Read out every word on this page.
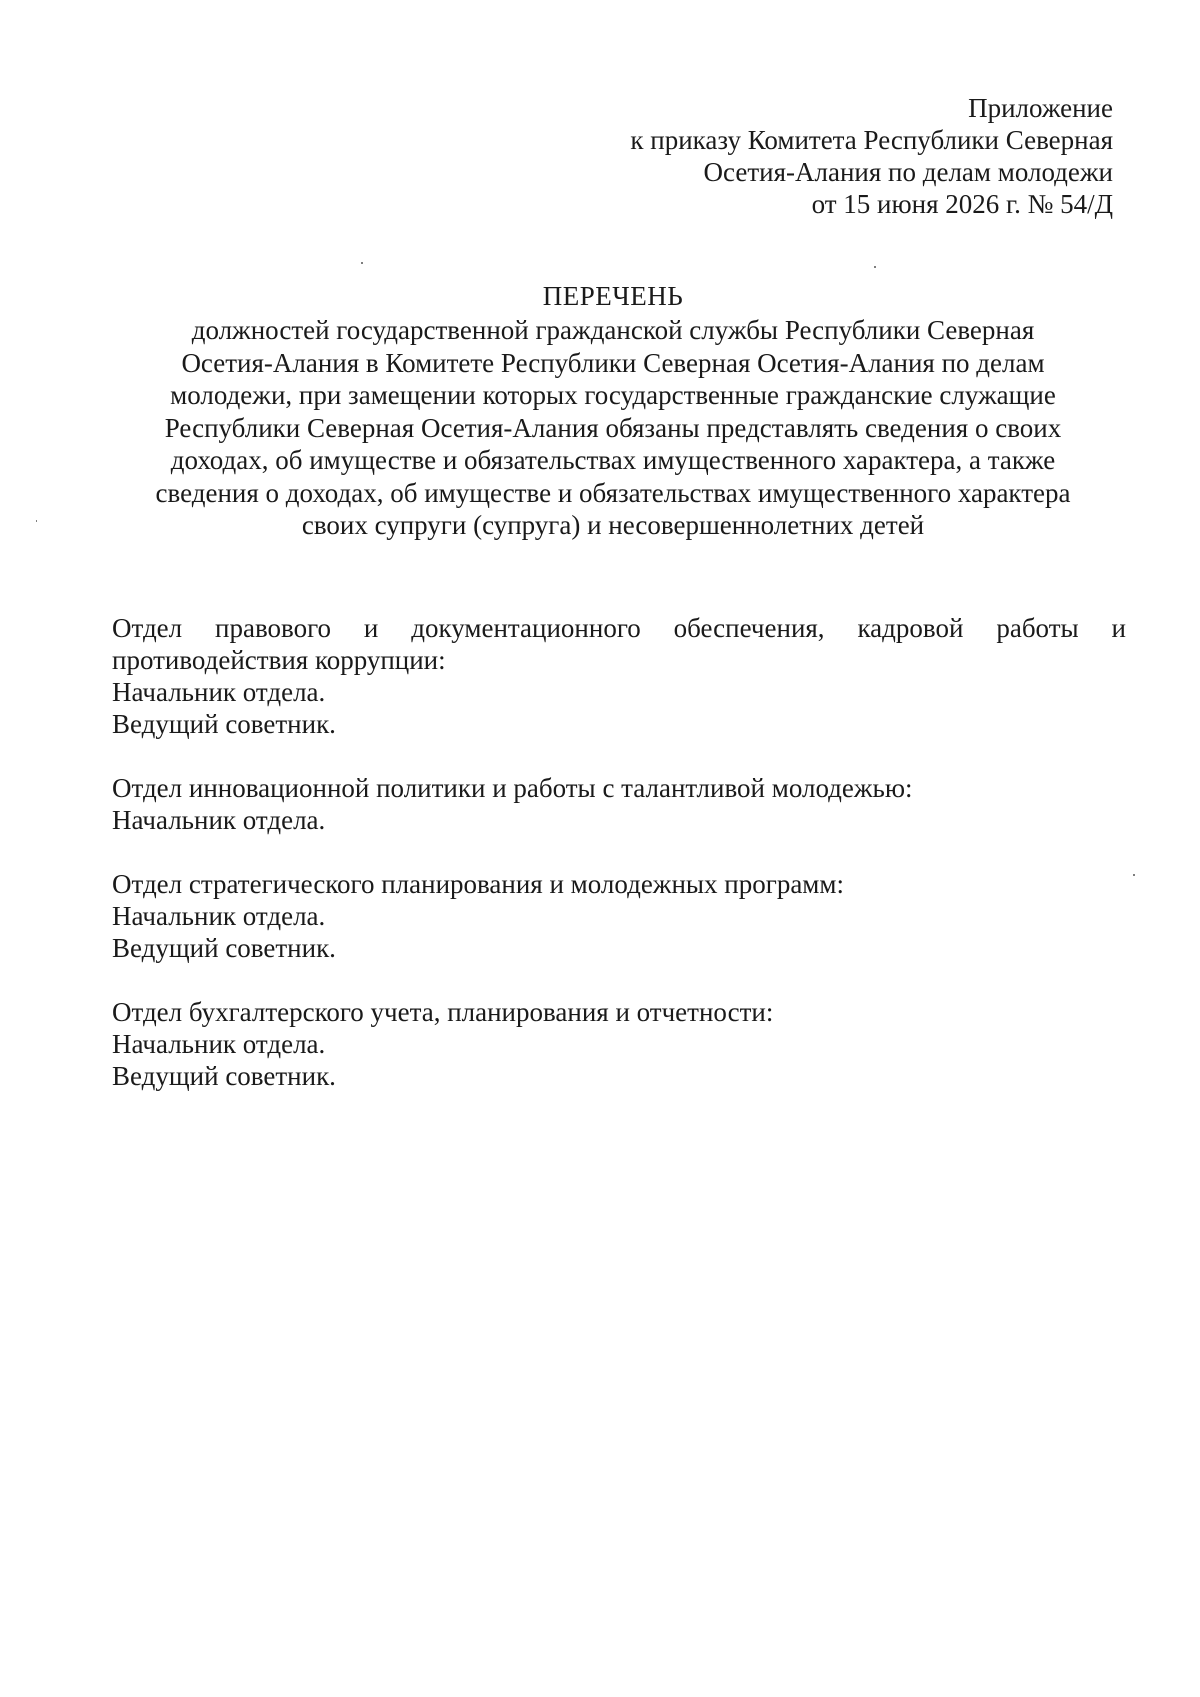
Приложение
к приказу Комитета Республики Северная
Осетия-Алания по делам молодежи
от 15 июня 2026 г. № 54/Д
ПЕРЕЧЕНЬ
должностей государственной гражданской службы Республики Северная
Осетия-Алания в Комитете Республики Северная Осетия-Алания по делам
молодежи, при замещении которых государственные гражданские служащие
Республики Северная Осетия-Алания обязаны представлять сведения о своих
доходах, об имуществе и обязательствах имущественного характера, а также
сведения о доходах, об имуществе и обязательствах имущественного характера
своих супруги (супруга) и несовершеннолетних детей
Отдел правового и документационного обеспечения, кадровой работы и противодействия коррупции:
Начальник отдела.
Ведущий советник.
Отдел инновационной политики и работы с талантливой молодежью:
Начальник отдела.
Отдел стратегического планирования и молодежных программ:
Начальник отдела.
Ведущий советник.
Отдел бухгалтерского учета, планирования и отчетности:
Начальник отдела.
Ведущий советник.
